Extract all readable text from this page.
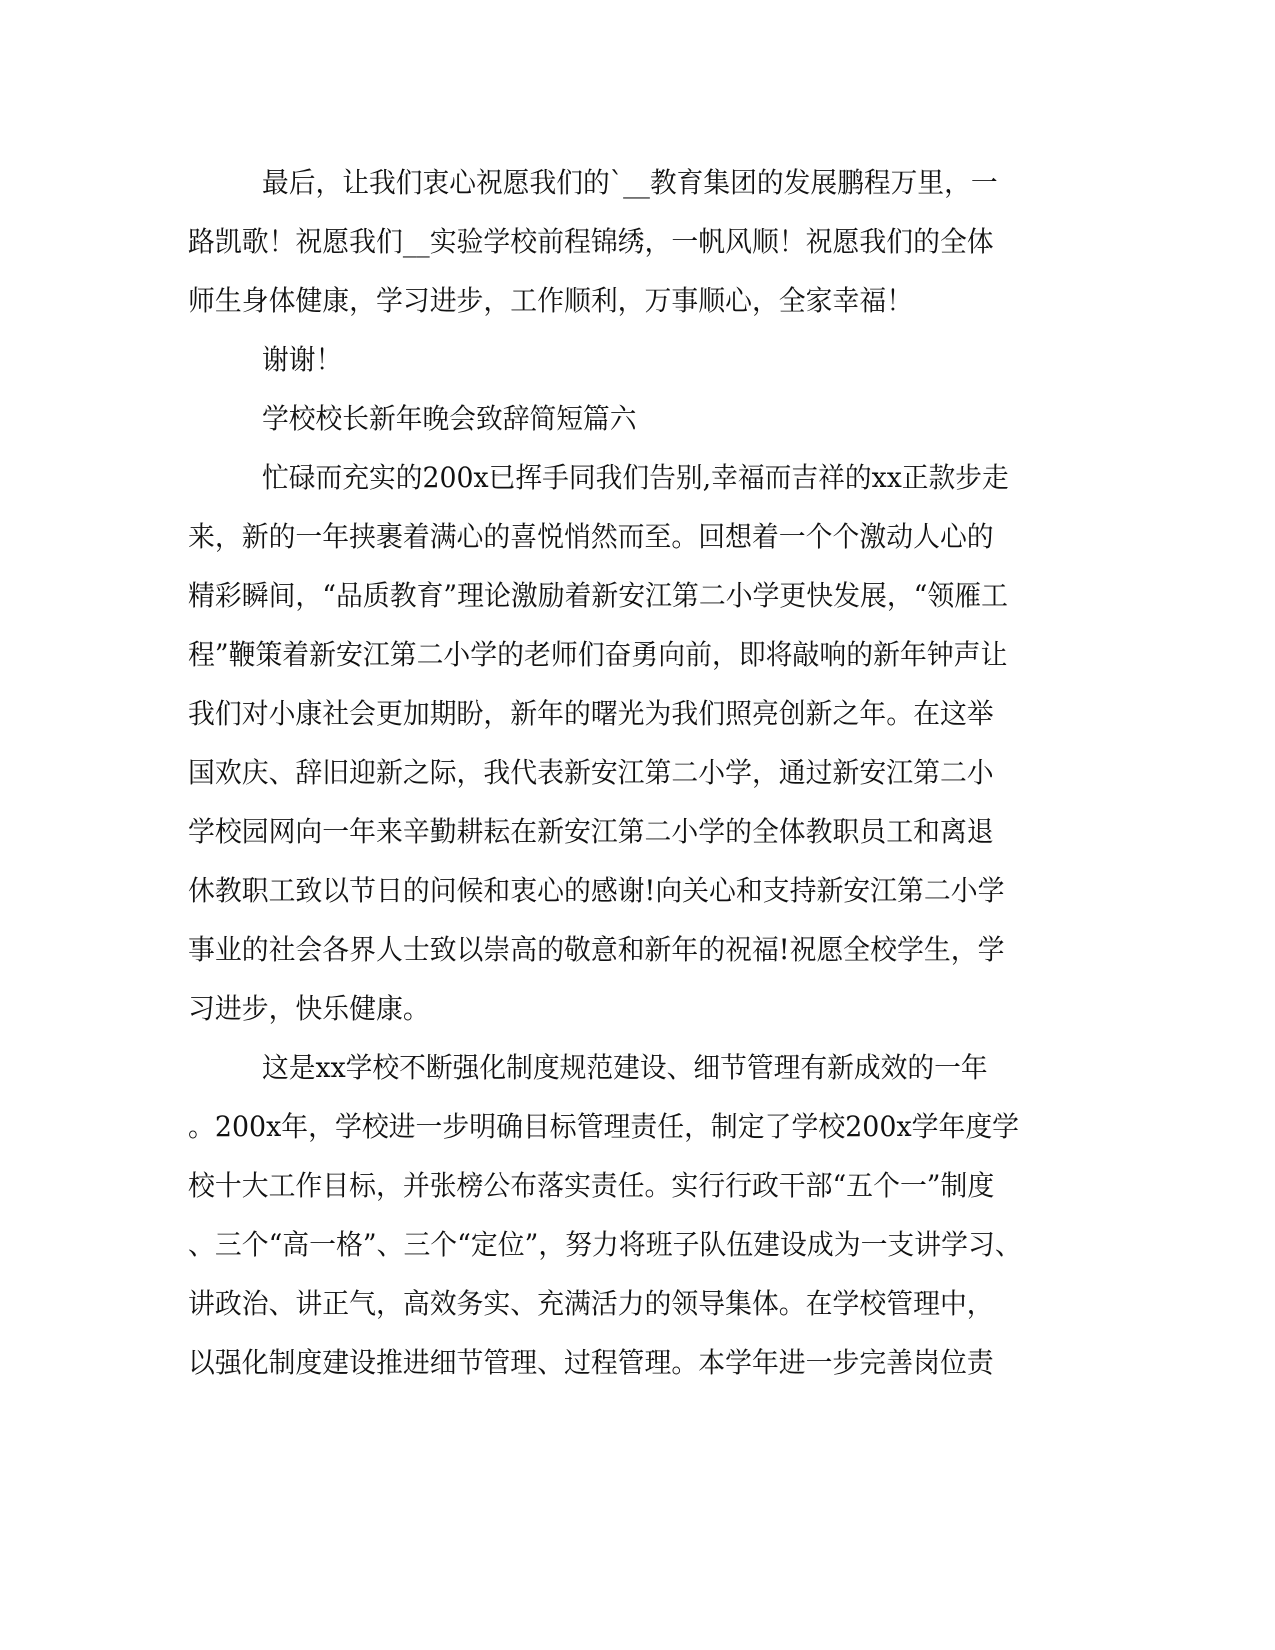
最后，让我们衷心祝愿我们的`__教育集团的发展鹏程万里，一
路凯歌！祝愿我们__实验学校前程锦绣，一帆风顺！祝愿我们的全体
师生身体健康，学习进步，工作顺利，万事顺心，全家幸福！
谢谢！
学校校长新年晚会致辞简短篇六
忙碌而充实的200x已挥手同我们告别,幸福而吉祥的xx正款步走
来，新的一年挟裹着满心的喜悦悄然而至。回想着一个个激动人心的
精彩瞬间，“品质教育”理论激励着新安江第二小学更快发展，“领雁工
程”鞭策着新安江第二小学的老师们奋勇向前，即将敲响的新年钟声让
我们对小康社会更加期盼，新年的曙光为我们照亮创新之年。在这举
国欢庆、辞旧迎新之际，我代表新安江第二小学，通过新安江第二小
学校园网向一年来辛勤耕耘在新安江第二小学的全体教职员工和离退
休教职工致以节日的问候和衷心的感谢!向关心和支持新安江第二小学
事业的社会各界人士致以崇高的敬意和新年的祝福!祝愿全校学生，学
习进步，快乐健康。
这是xx学校不断强化制度规范建设、细节管理有新成效的一年
。200x年，学校进一步明确目标管理责任，制定了学校200x学年度学
校十大工作目标，并张榜公布落实责任。实行行政干部“五个一”制度
、三个“高一格”、三个“定位”，努力将班子队伍建设成为一支讲学习、
讲政治、讲正气，高效务实、充满活力的领导集体。在学校管理中，
以强化制度建设推进细节管理、过程管理。本学年进一步完善岗位责
